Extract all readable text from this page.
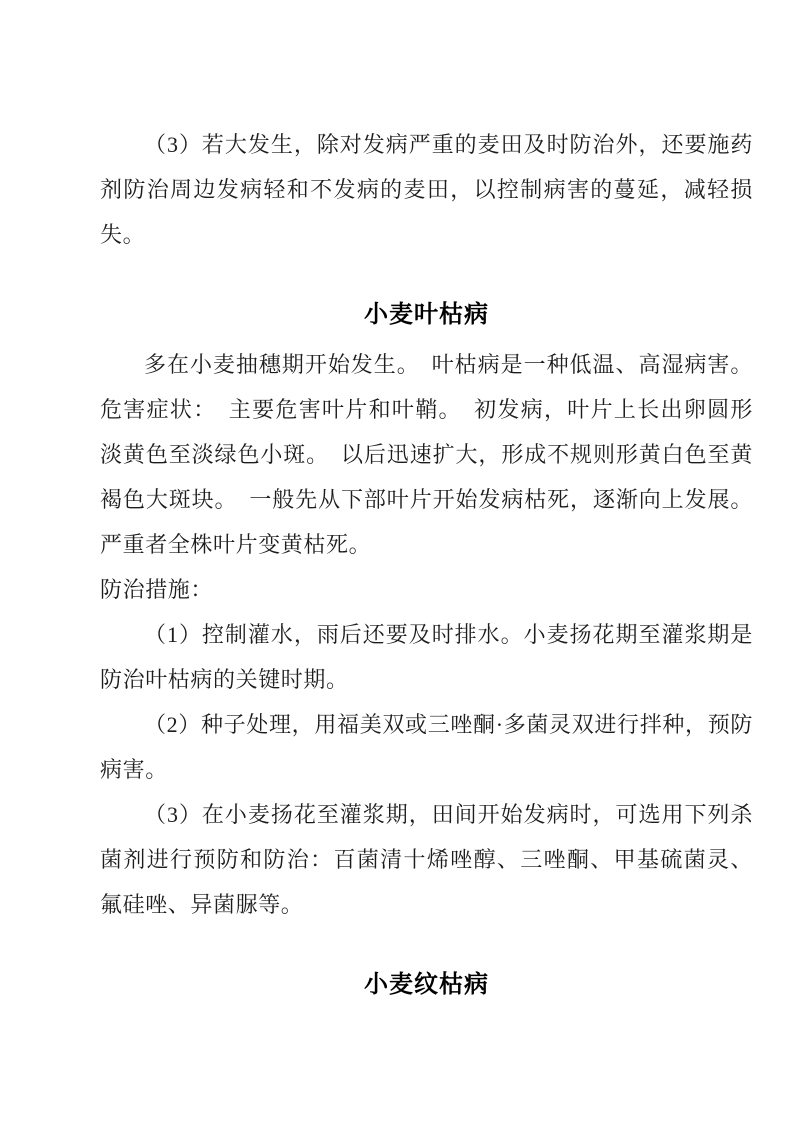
（3）若大发生，除对发病严重的麦田及时防治外，还要施药剂防治周边发病轻和不发病的麦田，以控制病害的蔓延，减轻损失。

小麦叶枯病

多在小麦抽穗期开始发生。　叶枯病是一种低温、高湿病害。危害症状：　主要危害叶片和叶鞘。　初发病，叶片上长出卵圆形淡黄色至淡绿色小斑。　以后迅速扩大，形成不规则形黄白色至黄褐色大斑块。　一般先从下部叶片开始发病枯死，逐渐向上发展。严重者全株叶片变黄枯死。

防治措施：

（1）控制灌水，雨后还要及时排水。小麦扬花期至灌浆期是防治叶枯病的关键时期。

（2）种子处理，用福美双或三唑酮·多菌灵双进行拌种，预防病害。

（3）在小麦扬花至灌浆期，田间开始发病时，可选用下列杀菌剂进行预防和防治：百菌清十烯唑醇、三唑酮、甲基硫菌灵、氟硅唑、异菌脲等。

小麦纹枯病
